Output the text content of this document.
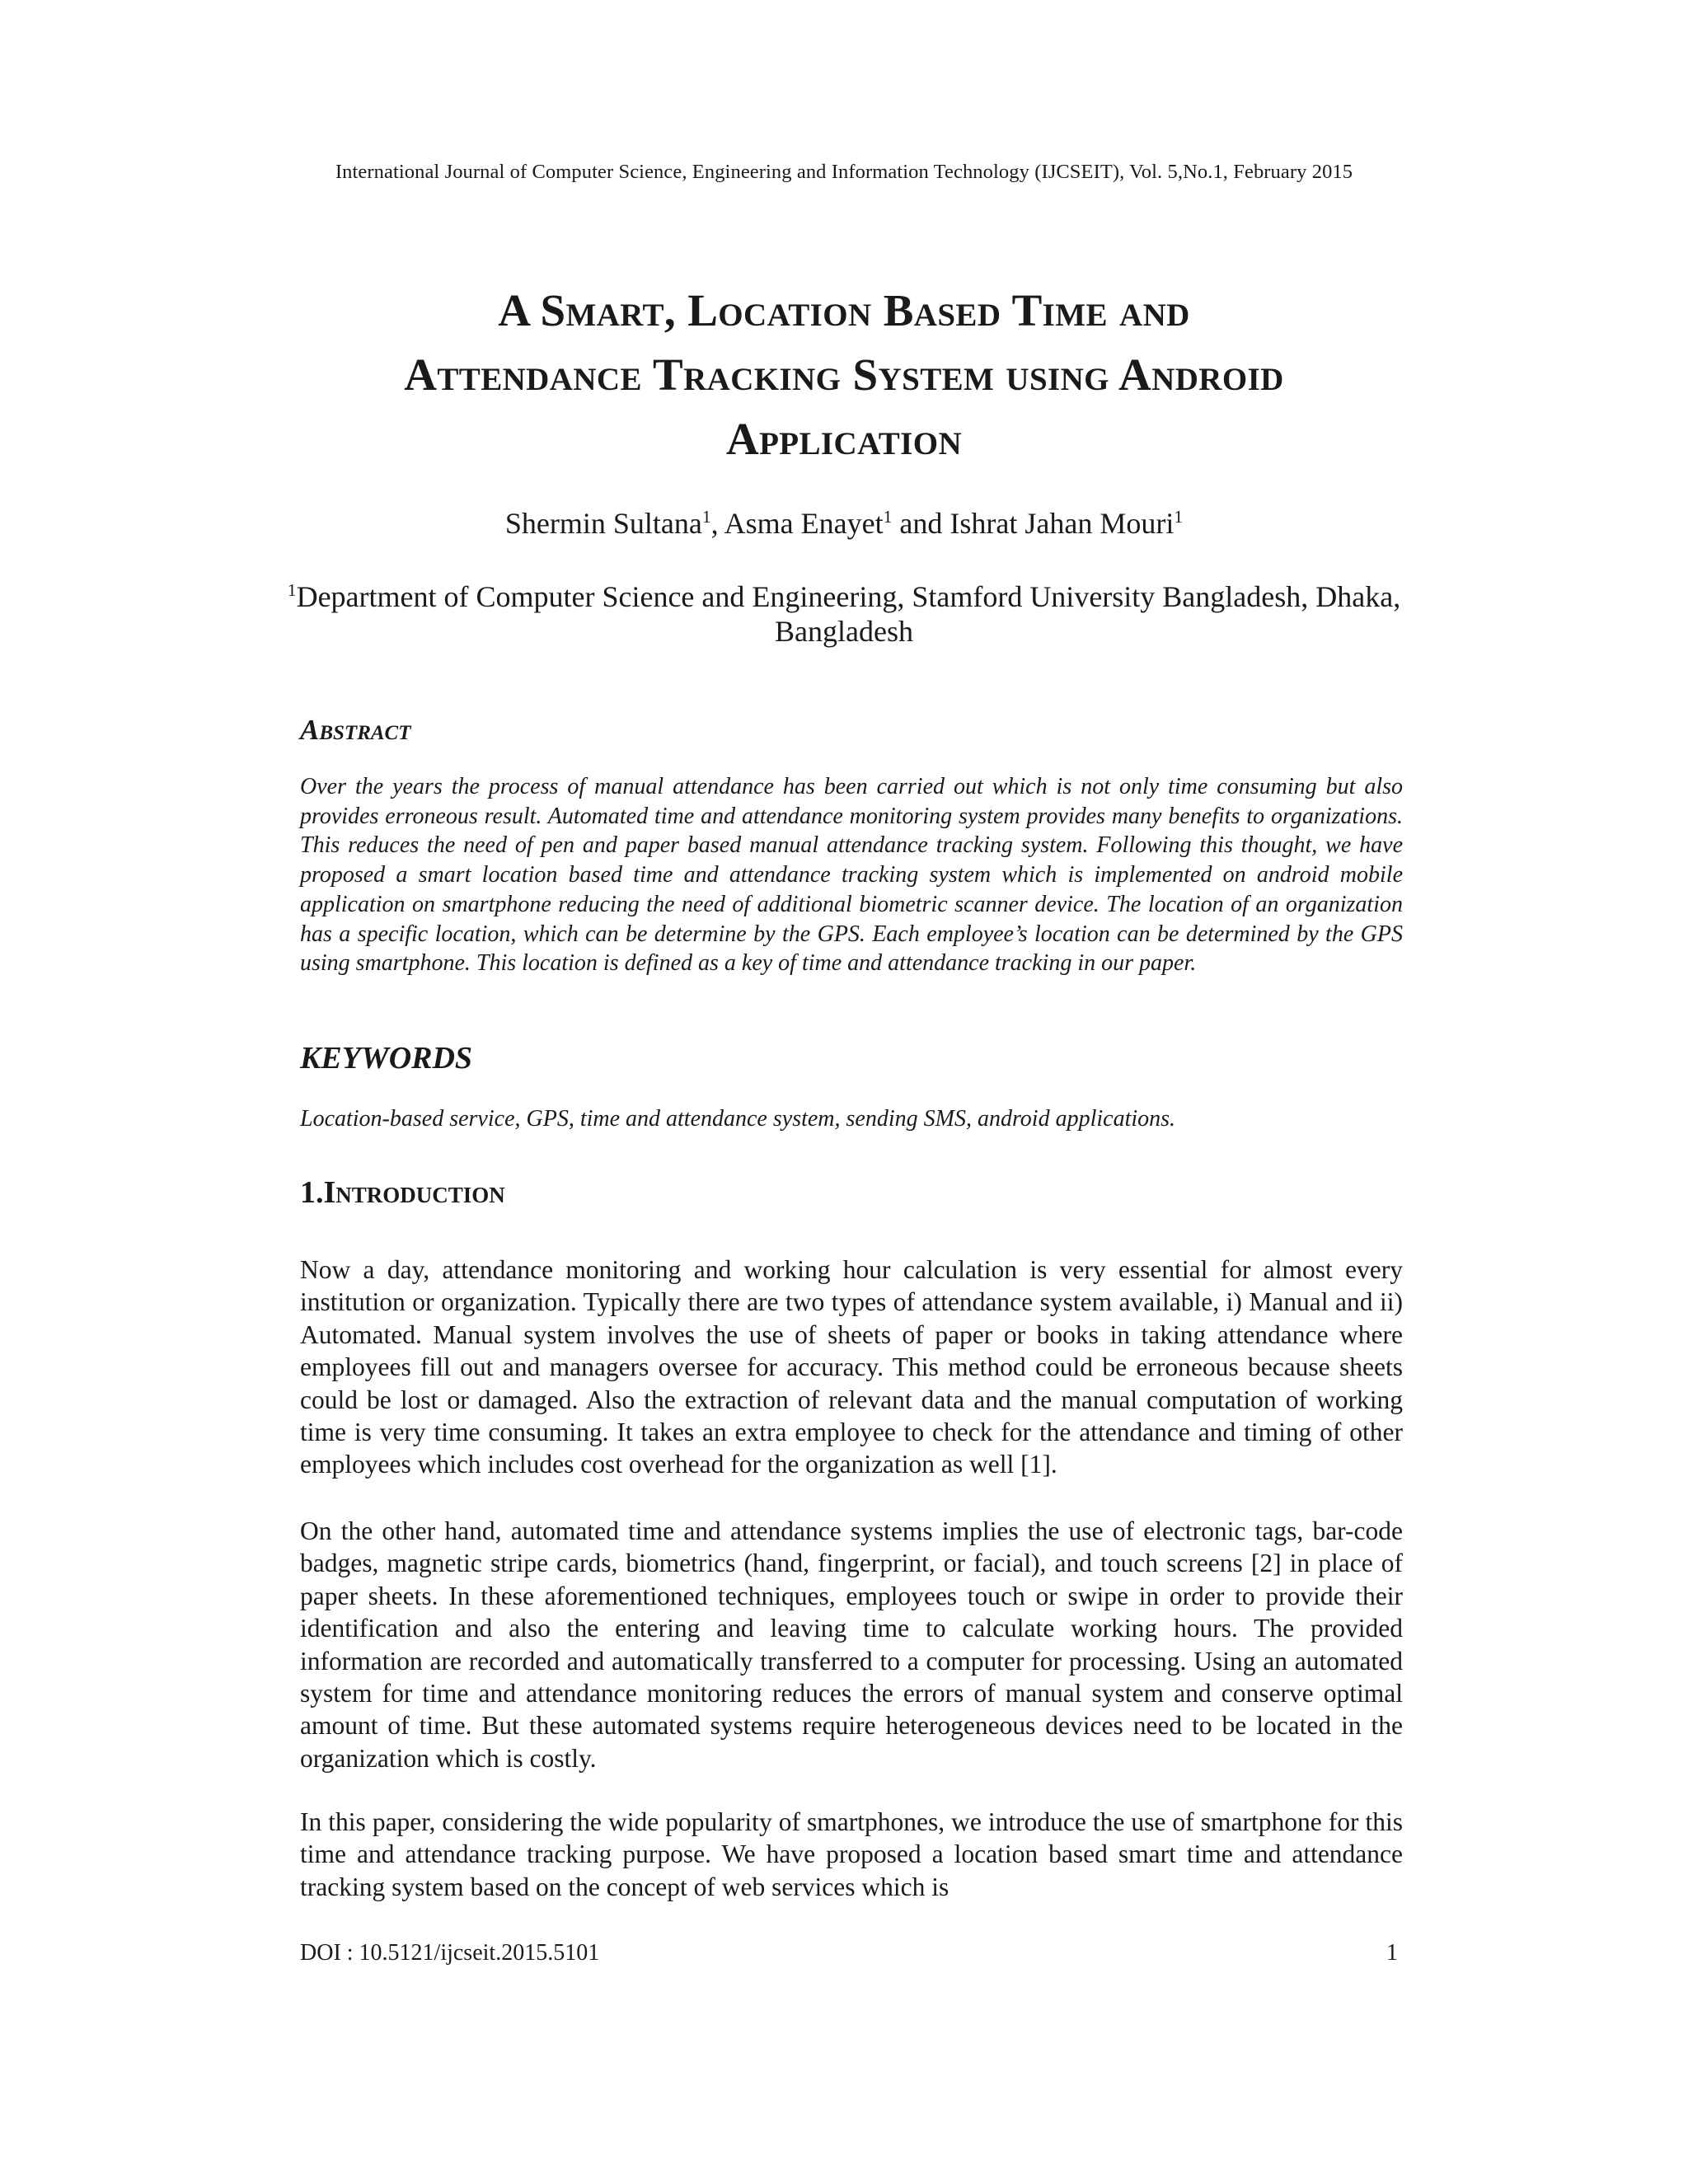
International Journal of Computer Science, Engineering and Information Technology (IJCSEIT), Vol. 5,No.1, February 2015
A Smart, Location Based Time and
Attendance Tracking System using Android
Application
Shermin Sultana$^1$, Asma Enayet$^1$ and Ishrat Jahan Mouri$^1$
$^1$Department of Computer Science and Engineering, Stamford University Bangladesh, Dhaka, Bangladesh
Abstract
Over the years the process of manual attendance has been carried out which is not only time consuming but also provides erroneous result. Automated time and attendance monitoring system provides many benefits to organizations. This reduces the need of pen and paper based manual attendance tracking system. Following this thought, we have proposed a smart location based time and attendance tracking system which is implemented on android mobile application on smartphone reducing the need of additional biometric scanner device. The location of an organization has a specific location, which can be determine by the GPS. Each employee’s location can be determined by the GPS using smartphone. This location is defined as a key of time and attendance tracking in our paper.
KEYWORDS
Location-based service, GPS, time and attendance system, sending SMS, android applications.
1.Introduction
Now a day, attendance monitoring and working hour calculation is very essential for almost every institution or organization. Typically there are two types of attendance system available, i) Manual and ii) Automated. Manual system involves the use of sheets of paper or books in taking attendance where employees fill out and managers oversee for accuracy. This method could be erroneous because sheets could be lost or damaged. Also the extraction of relevant data and the manual computation of working time is very time consuming. It takes an extra employee to check for the attendance and timing of other employees which includes cost overhead for the organization as well [1].
On the other hand, automated time and attendance systems implies the use of electronic tags, bar-code badges, magnetic stripe cards, biometrics (hand, fingerprint, or facial), and touch screens [2] in place of paper sheets. In these aforementioned techniques, employees touch or swipe in order to provide their identification and also the entering and leaving time to calculate working hours. The provided information are recorded and automatically transferred to a computer for processing. Using an automated system for time and attendance monitoring reduces the errors of manual system and conserve optimal amount of time. But these automated systems require heterogeneous devices need to be located in the organization which is costly.
In this paper, considering the wide popularity of smartphones, we introduce the use of smartphone for this time and attendance tracking purpose. We have proposed a location based smart time and attendance tracking system based on the concept of web services which is
DOI : 10.5121/ijcseit.2015.5101	1
